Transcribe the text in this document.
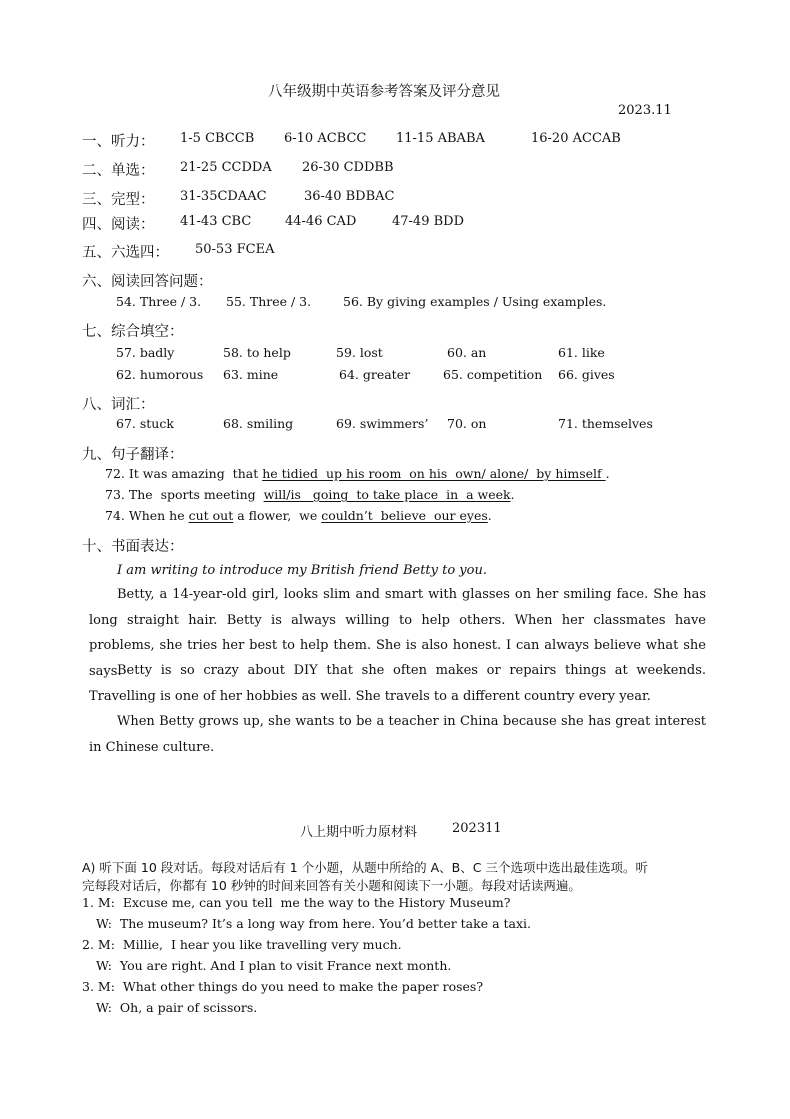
八年级期中英语参考答案及评分意见
2023.11
一、听力： 1-5 CBCCB 6-10 ACBCC 11-15 ABABA	16-20 ACCAB
二、单选： 21-25 CCDDA 26-30 CDDBB
三、完型： 31-35CDAAC	36-40 BDBAC
四、阅读： 41-43 CBC	44-46 CAD	47-49 BDD
五、六选四： 50-53 FCEA
六、阅读回答问题：
54. Three / 3. 55. Three / 3.	56. By giving examples / Using examples.
七、综合填空：
57. badly	58. to help	59. lost	60. an	61. like
62. humorous 63. mine	64. greater	65. competition 66. gives
八、词汇：
67. stuck	68. smiling	69. swimmers’ 70. on	71. themselves
九、句子翻译：
72. It was amazing  that he tidied  up his room  on his  own/ alone/  by himself .
73. The  sports meeting  will/is   going  to take place  in  a week.
74. When he cut out a flower,  we couldn’t  believe  our eyes.
十、书面表达：
I am writing to introduce my British friend Betty to you.
Betty, a 14-year-old girl, looks slim and smart with glasses on her smiling face. She has long straight hair. Betty is always willing to help others. When her classmates have problems, she tries her best to help them. She is also honest. I can always believe what she says.
Betty is so crazy about DIY that she often makes or repairs things at weekends. Travelling is one of her hobbies as well. She travels to a different country every year.
When Betty grows up, she wants to be a teacher in China because she has great interest in Chinese culture.
八上期中听力原材料	202311
A) 听下面 10 段对话。每段对话后有 1 个小题，从题中所给的 A、B、C 三个选项中选出最佳选项。听
完每段对话后，你都有 10 秒钟的时间来回答有关小题和阅读下一小题。每段对话读两遍。
1. M:  Excuse me, can you tell  me the way to the History Museum?
W:  The museum? It’s a long way from here. You’d better take a taxi.
2. M:  Millie,  I hear you like travelling very much.
W:  You are right. And I plan to visit France next month.
3. M:  What other things do you need to make the paper roses?
W:  Oh, a pair of scissors.
